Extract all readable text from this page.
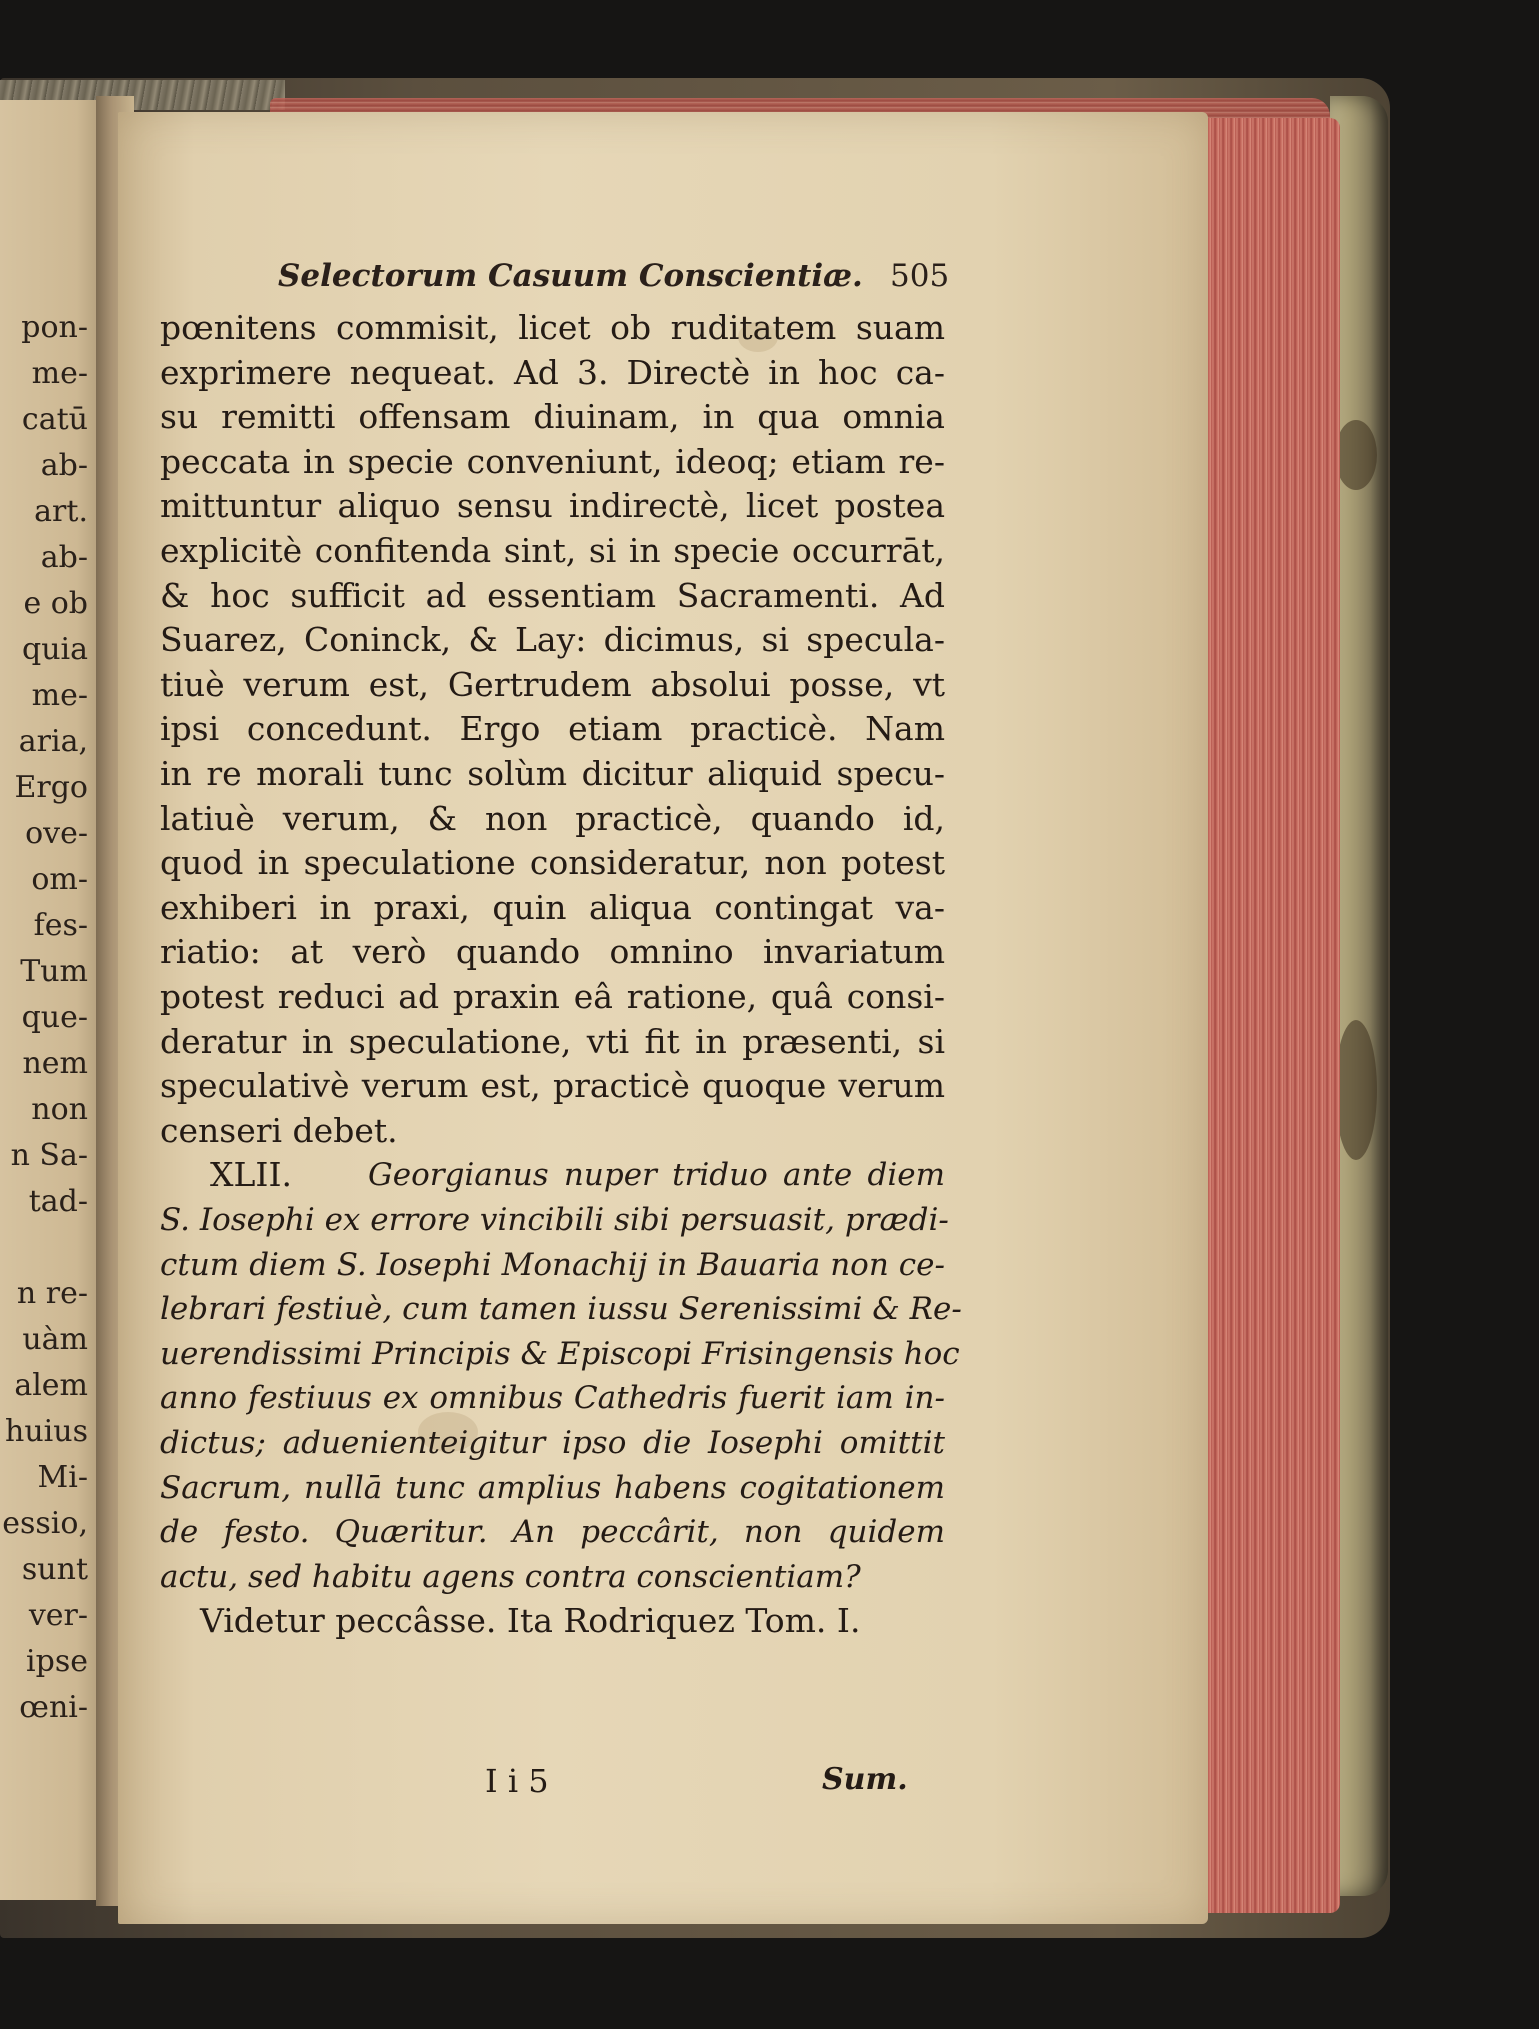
pon-
me-
catū
ab-
art.
ab-
e ob
quia
me-
aria,
Ergo
ove-
om-
fes-
Tum
que-
nem
non
n Sa-
tad-
n re-
uàm
alem
huius
Mi-
essio,
sunt
ver-
ipse
œni-
Selectorum Casuum Conscientiæ. 505
pœnitens commisit, licet ob ruditatem suam
exprimere nequeat. Ad 3. Directè in hoc ca-
su remitti offensam diuinam, in qua omnia
peccata in specie conveniunt, ideoq; etiam re-
mittuntur aliquo sensu indirectè, licet postea
explicitè confitenda sint, si in specie occurrāt,
& hoc sufficit ad essentiam Sacramenti. Ad
Suarez, Coninck, & Lay: dicimus, si specula-
tiuè verum est, Gertrudem absolui posse, vt
ipsi concedunt. Ergo etiam practicè. Nam
in re morali tunc solùm dicitur aliquid specu-
latiuè verum, & non practicè, quando id,
quod in speculatione consideratur, non potest
exhiberi in praxi, quin aliqua contingat va-
riatio: at verò quando omnino invariatum
potest reduci ad praxin eâ ratione, quâ consi-
deratur in speculatione, vti fit in præsenti, si
speculativè verum est, practicè quoque verum
censeri debet.
XLII. Georgianus nuper triduo ante diem
S. Iosephi ex errore vincibili sibi persuasit, prædi-
ctum diem S. Iosephi Monachij in Bauaria non ce-
lebrari festiuè, cum tamen iussu Serenissimi & Re-
uerendissimi Principis & Episcopi Frisingensis hoc
anno festiuus ex omnibus Cathedris fuerit iam in-
dictus; aduenienteigitur ipso die Iosephi omittit
Sacrum, nullā tunc amplius habens cogitationem
de festo. Quæritur. An peccârit, non quidem
actu, sed habitu agens contra conscientiam?
Videtur peccâsse. Ita Rodriquez Tom. I.
I i 5	Sum.
